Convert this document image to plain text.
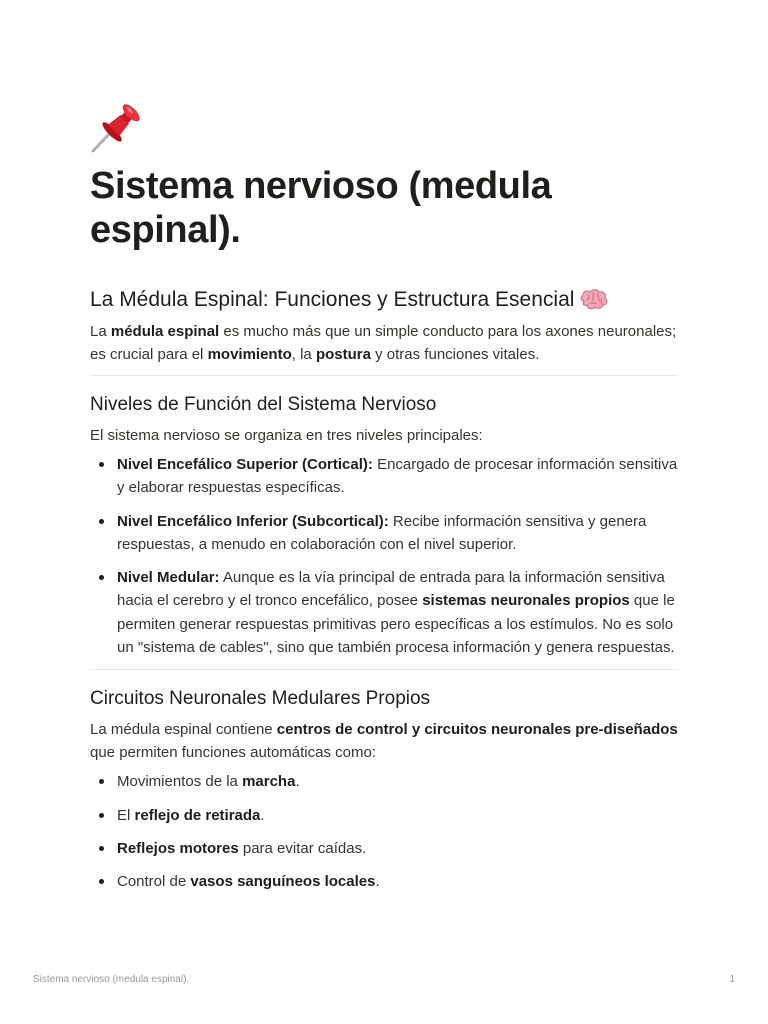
Sistema nervioso (medula espinal).
La Médula Espinal: Funciones y Estructura Esencial

La médula espinal es mucho más que un simple conducto para los axones neuronales; es crucial para el movimiento, la postura y otras funciones vitales.

Niveles de Función del Sistema Nervioso

El sistema nervioso se organiza en tres niveles principales:

Nivel Encefálico Superior (Cortical): Encargado de procesar información sensitiva y elaborar respuestas específicas.
Nivel Encefálico Inferior (Subcortical): Recibe información sensitiva y genera respuestas, a menudo en colaboración con el nivel superior.
Nivel Medular: Aunque es la vía principal de entrada para la información sensitiva hacia el cerebro y el tronco encefálico, posee sistemas neuronales propios que le permiten generar respuestas primitivas pero específicas a los estímulos. No es solo un "sistema de cables", sino que también procesa información y genera respuestas.
Circuitos Neuronales Medulares Propios

La médula espinal contiene centros de control y circuitos neuronales pre-diseñados que permiten funciones automáticas como:

Movimientos de la marcha.
El reflejo de retirada.
Reflejos motores para evitar caídas.
Control de vasos sanguíneos locales.
Sistema nervioso (medula espinal).	1
